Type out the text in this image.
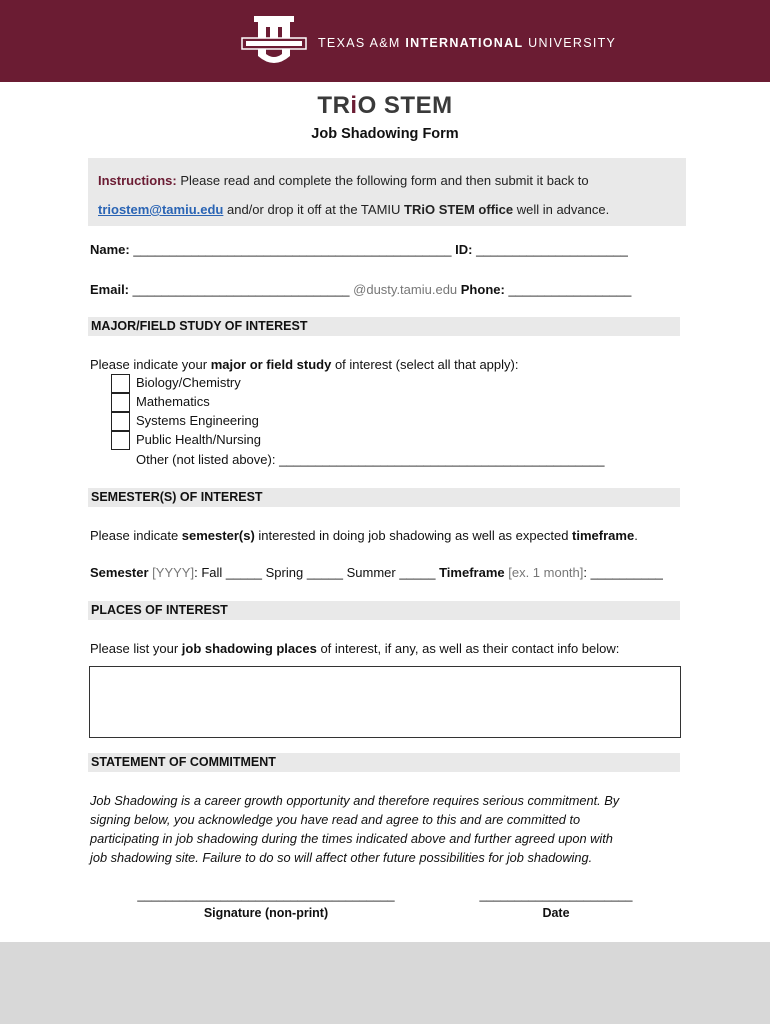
TEXAS A&M INTERNATIONAL UNIVERSITY
TRiO STEM
Job Shadowing Form
Instructions: Please read and complete the following form and then submit it back to
triostem@tamiu.edu and/or drop it off at the TAMIU TRiO STEM office well in advance.
Name: ____________________________________________ ID: _____________________
Email: ______________________________ @dusty.tamiu.edu Phone: _________________
MAJOR/FIELD STUDY OF INTEREST
Please indicate your major or field study of interest (select all that apply):
Biology/Chemistry
Mathematics
Systems Engineering
Public Health/Nursing
Other (not listed above): _____________________________________________
SEMESTER(S) OF INTEREST
Please indicate semester(s) interested in doing job shadowing as well as expected timeframe.
Semester [YYYY]: Fall _____ Spring _____ Summer _____ Timeframe [ex. 1 month]: __________
PLACES OF INTEREST
Please list your job shadowing places of interest, if any, as well as their contact info below:
STATEMENT OF COMMITMENT
Job Shadowing is a career growth opportunity and therefore requires serious commitment. By
signing below, you acknowledge you have read and agree to this and are committed to
participating in job shadowing during the times indicated above and further agreed upon with
job shadowing site. Failure to do so will affect other future possibilities for job shadowing.
_____________________________________
Signature (non-print)
______________________
Date
